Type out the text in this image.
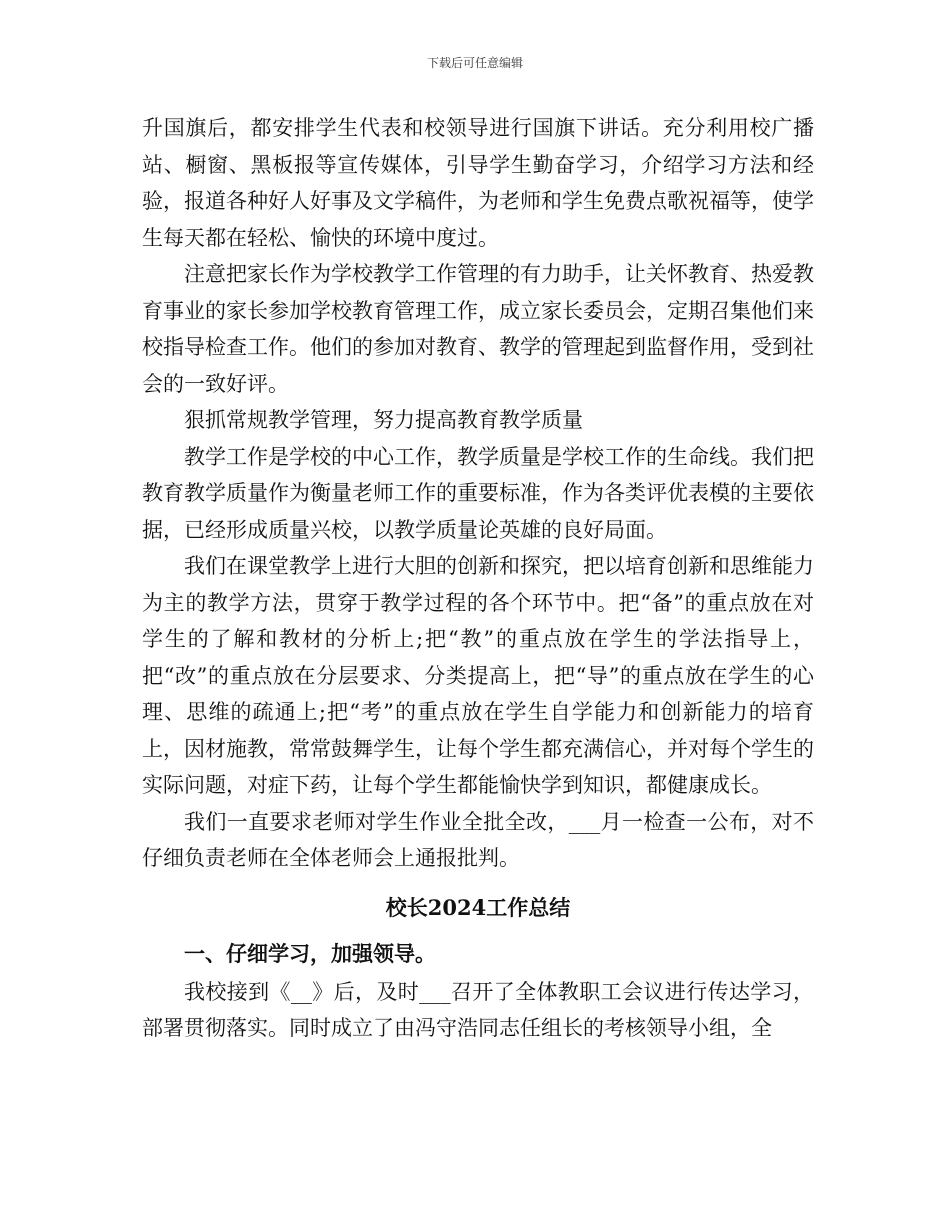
下载后可任意编辑

升国旗后，都安排学生代表和校领导进行国旗下讲话。充分利用校广播站、橱窗、黑板报等宣传媒体，引导学生勤奋学习，介绍学习方法和经验，报道各种好人好事及文学稿件，为老师和学生免费点歌祝福等，使学生每天都在轻松、愉快的环境中度过。

注意把家长作为学校教学工作管理的有力助手，让关怀教育、热爱教育事业的家长参加学校教育管理工作，成立家长委员会，定期召集他们来校指导检查工作。他们的参加对教育、教学的管理起到监督作用，受到社会的一致好评。

狠抓常规教学管理，努力提高教育教学质量

教学工作是学校的中心工作，教学质量是学校工作的生命线。我们把教育教学质量作为衡量老师工作的重要标准，作为各类评优表模的主要依据，已经形成质量兴校，以教学质量论英雄的良好局面。

我们在课堂教学上进行大胆的创新和探究，把以培育创新和思维能力为主的教学方法，贯穿于教学过程的各个环节中。把“备”的重点放在对学生的了解和教材的分析上;把“教”的重点放在学生的学法指导上，把“改”的重点放在分层要求、分类提高上，把“导”的重点放在学生的心理、思维的疏通上;把“考”的重点放在学生自学能力和创新能力的培育上，因材施教，常常鼓舞学生，让每个学生都充满信心，并对每个学生的实际问题，对症下药，让每个学生都能愉快学到知识，都健康成长。

我们一直要求老师对学生作业全批全改，___月一检查一公布，对不仔细负责老师在全体老师会上通报批判。

校长2024工作总结
一、仔细学习，加强领导。

我校接到《__》后，及时___召开了全体教职工会议进行传达学习，部署贯彻落实。同时成立了由冯守浩同志任组长的考核领导小组，全
